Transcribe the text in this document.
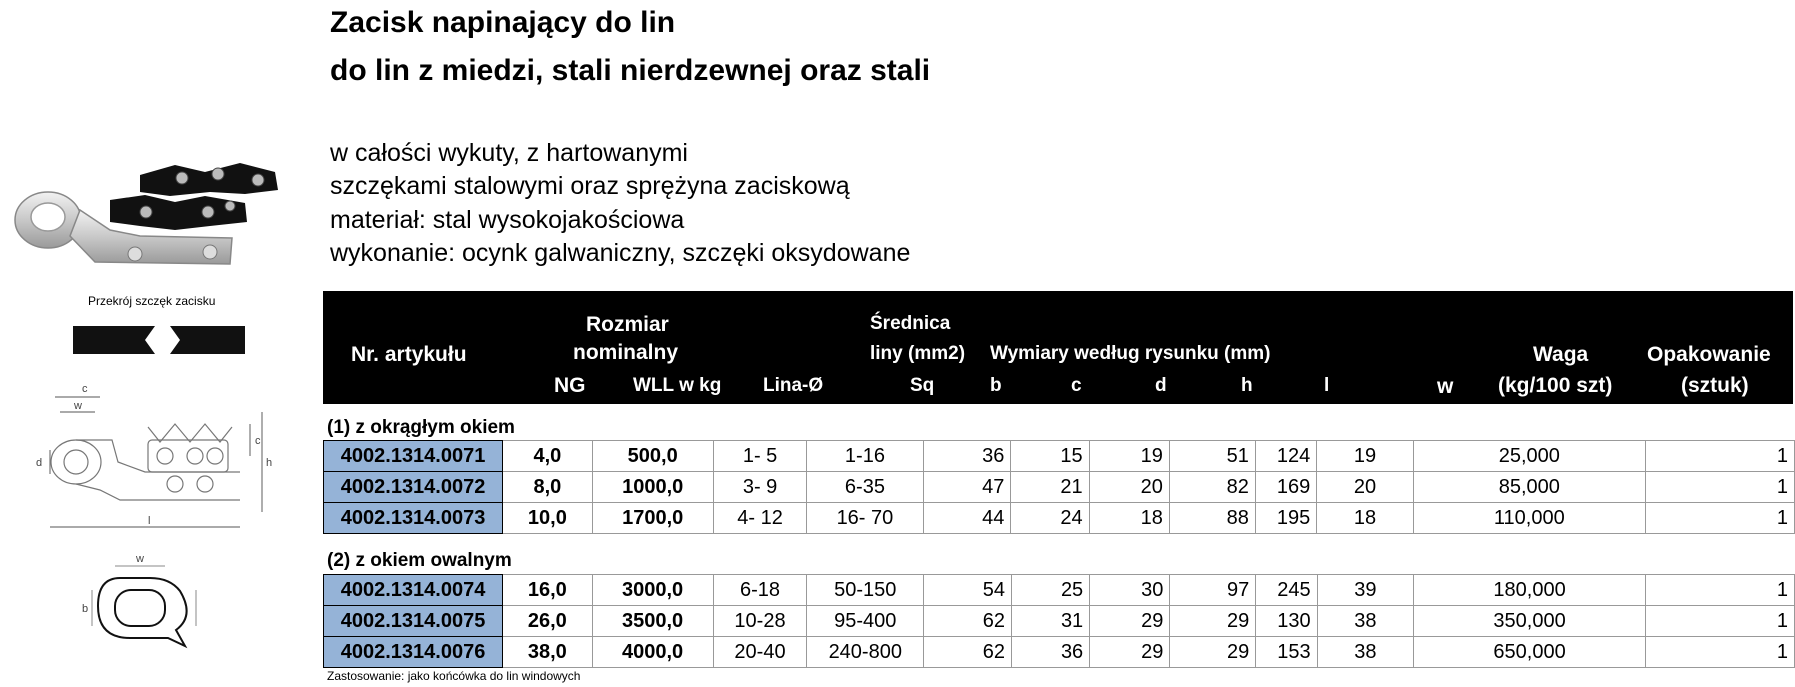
Zacisk napinający do lin
do lin z miedzi, stali nierdzewnej oraz stali
w całości wykuty, z hartowanymi
szczękami stalowymi oraz sprężyna zaciskową
materiał: stal wysokojakościowa
wykonanie: ocynk galwaniczny, szczęki oksydowane
Przekrój szczęk zacisku
c
w
d
c
h
l
w
b
Nr. artykułu
Rozmiar
nominalny
NG	WLL w kg Lina-Ø
Średnica
liny (mm2)
Sq
Wymiary według rysunku (mm)
b	c	d	h	l	w
Waga
(kg/100 szt)
Opakowanie
(sztuk)
(1) z okrągłym okiem
4002.1314.0071	4,0	500,0	1- 5	1-16	36	15	19	51	124	19	25,000	1
4002.1314.0072	8,0	1000,0	3- 9	6-35	47	21	20	82	169	20	85,000	1
4002.1314.0073	10,0	1700,0	4- 12	16- 70	44	24	18	88	195	18	110,000	1
(2) z okiem owalnym
4002.1314.0074	16,0	3000,0	6-18	50-150	54	25	30	97	245	39	180,000	1
4002.1314.0075	26,0	3500,0	10-28	95-400	62	31	29	29	130	38	350,000	1
4002.1314.0076	38,0	4000,0	20-40	240-800	62	36	29	29	153	38	650,000	1
Zastosowanie: jako końcówka do lin windowych
